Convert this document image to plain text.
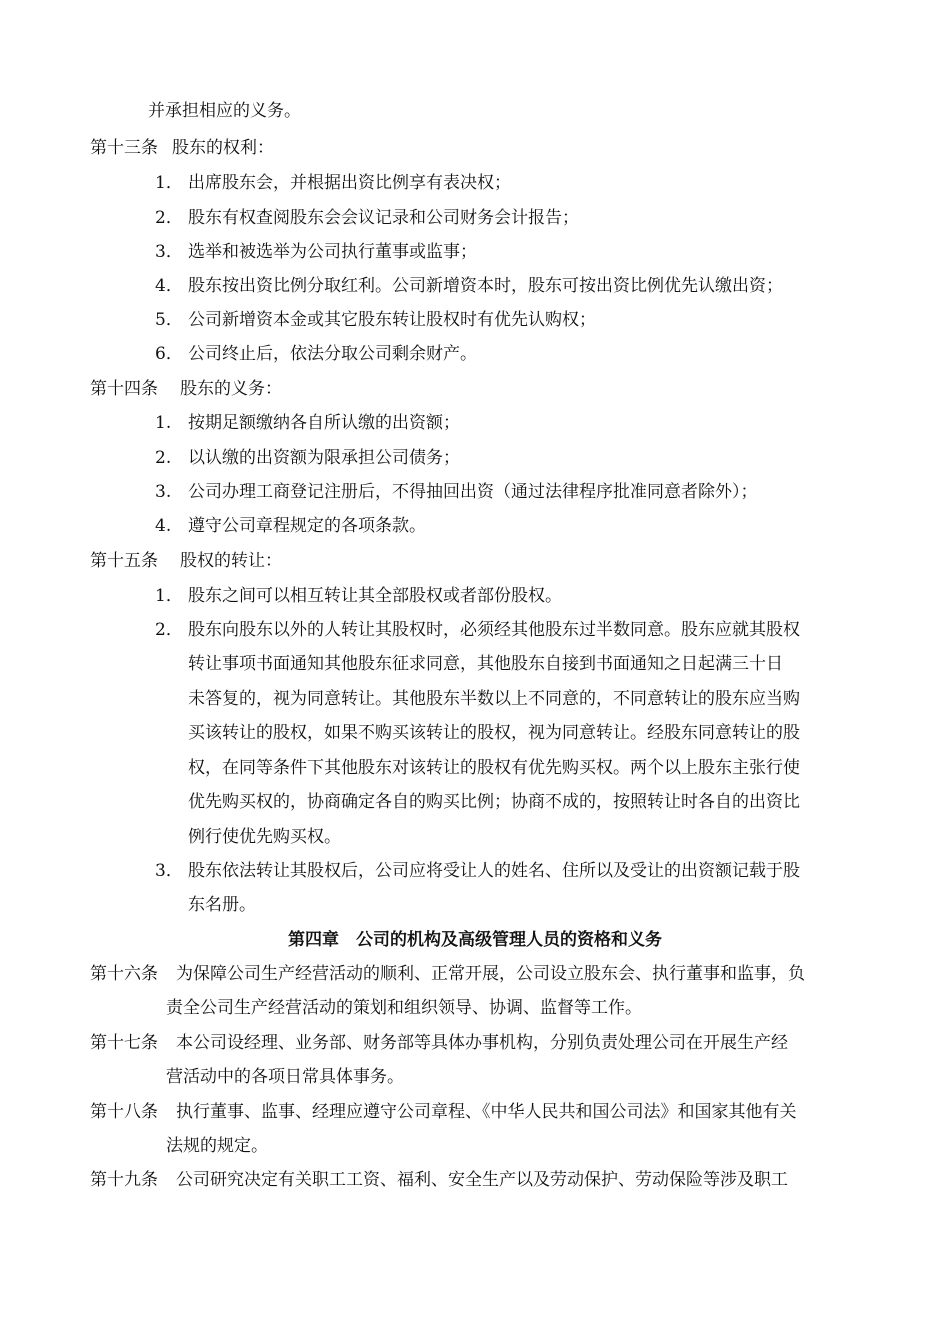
并承担相应的义务。
第十三条 股东的权利：
1． 出席股东会，并根据出资比例享有表决权；
2． 股东有权查阅股东会会议记录和公司财务会计报告；
3． 选举和被选举为公司执行董事或监事；
4． 股东按出资比例分取红利。公司新增资本时，股东可按出资比例优先认缴出资；
5． 公司新增资本金或其它股东转让股权时有优先认购权；
6． 公司终止后，依法分取公司剩余财产。
第十四条 股东的义务：
1. 按期足额缴纳各自所认缴的出资额；
2. 以认缴的出资额为限承担公司债务；
3. 公司办理工商登记注册后，不得抽回出资（通过法律程序批准同意者除外）；
4. 遵守公司章程规定的各项条款。
第十五条 股权的转让：
1． 股东之间可以相互转让其全部股权或者部份股权。
2． 股东向股东以外的人转让其股权时，必须经其他股东过半数同意。股东应就其股权
转让事项书面通知其他股东征求同意，其他股东自接到书面通知之日起满三十日
未答复的，视为同意转让。其他股东半数以上不同意的，不同意转让的股东应当购
买该转让的股权，如果不购买该转让的股权，视为同意转让。经股东同意转让的股
权，在同等条件下其他股东对该转让的股权有优先购买权。两个以上股东主张行使
优先购买权的，协商确定各自的购买比例；协商不成的，按照转让时各自的出资比
例行使优先购买权。
3． 股东依法转让其股权后，公司应将受让人的姓名、住所以及受让的出资额记载于股
东名册。
第四章　公司的机构及高级管理人员的资格和义务
第十六条 为保障公司生产经营活动的顺利、正常开展，公司设立股东会、执行董事和监事，负
责全公司生产经营活动的策划和组织领导、协调、监督等工作。
第十七条 本公司设经理、业务部、财务部等具体办事机构，分别负责处理公司在开展生产经
营活动中的各项日常具体事务。
第十八条 执行董事、监事、经理应遵守公司章程、《中华人民共和国公司法》和国家其他有关
法规的规定。
第十九条 公司研究决定有关职工工资、福利、安全生产以及劳动保护、劳动保险等涉及职工
